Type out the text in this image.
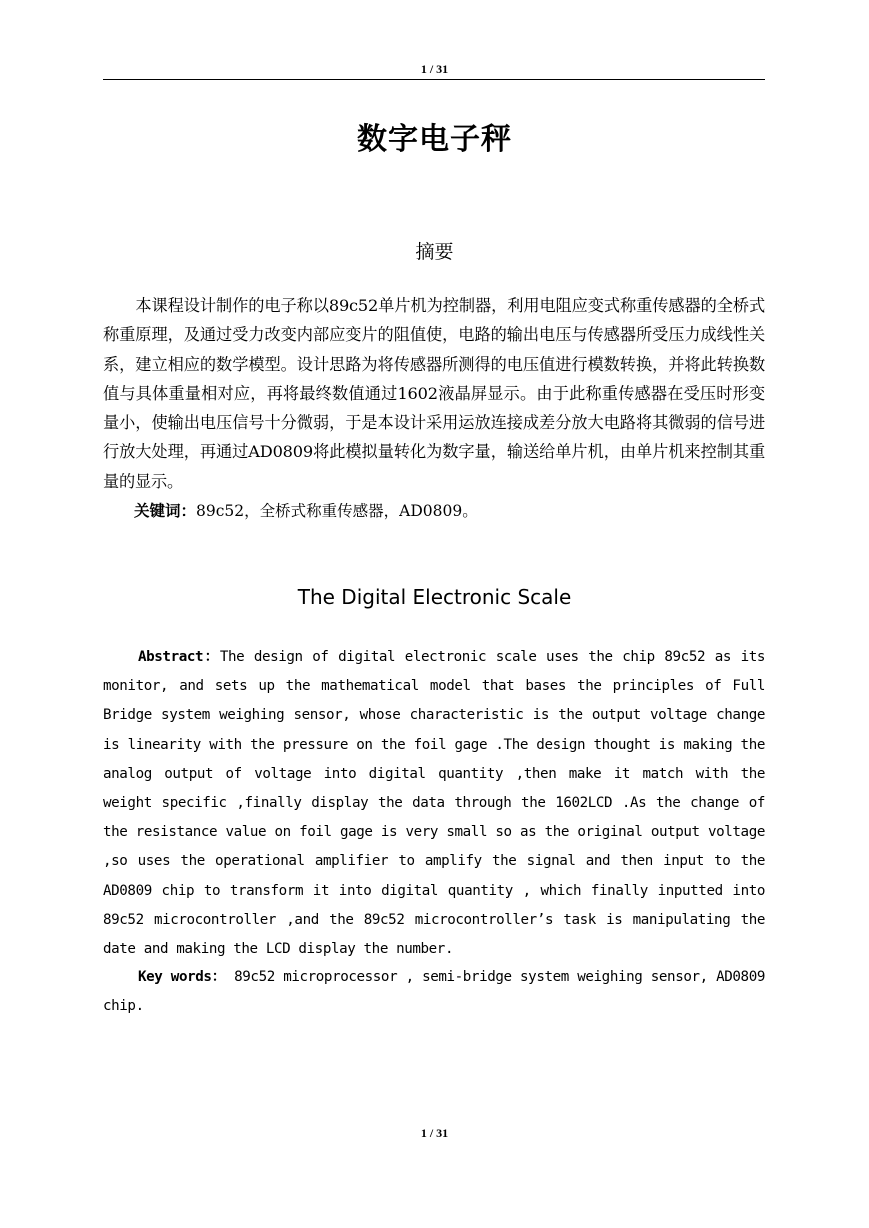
1 / 31
数字电子秤
摘要

本课程设计制作的电子称以89c52单片机为控制器，利用电阻应变式称重传感器的全桥式称重原理，及通过受力改变内部应变片的阻值使，电路的输出电压与传感器所受压力成线性关系，建立相应的数学模型。设计思路为将传感器所测得的电压值进行模数转换，并将此转换数值与具体重量相对应，再将最终数值通过1602液晶屏显示。由于此称重传感器在受压时形变量小，使输出电压信号十分微弱，于是本设计采用运放连接成差分放大电路将其微弱的信号进行放大处理，再通过AD0809将此模拟量转化为数字量，输送给单片机，由单片机来控制其重量的显示。

关键词：89c52，全桥式称重传感器，AD0809。

The Digital Electronic Scale

Abstract：The design of digital electronic scale uses the chip 89c52 as its monitor, and sets up the mathematical model that bases the principles of Full Bridge system weighing sensor, whose characteristic is the output voltage change is linearity with the pressure on the foil gage .The design thought is making the analog output of voltage into digital quantity ,then make it match with the weight specific ,finally display the data through the 1602LCD .As the change of the resistance value on foil gage is very small so as the original output voltage ,so uses the operational amplifier to amplify the signal and then input to the AD0809 chip to transform it into digital quantity , which finally inputted into 89c52 microcontroller ,and the 89c52 microcontroller’s task is manipulating the date and making the LCD display the number.

Key words： 89c52 microprocessor , semi-bridge system weighing sensor, AD0809 chip.

1 / 31
